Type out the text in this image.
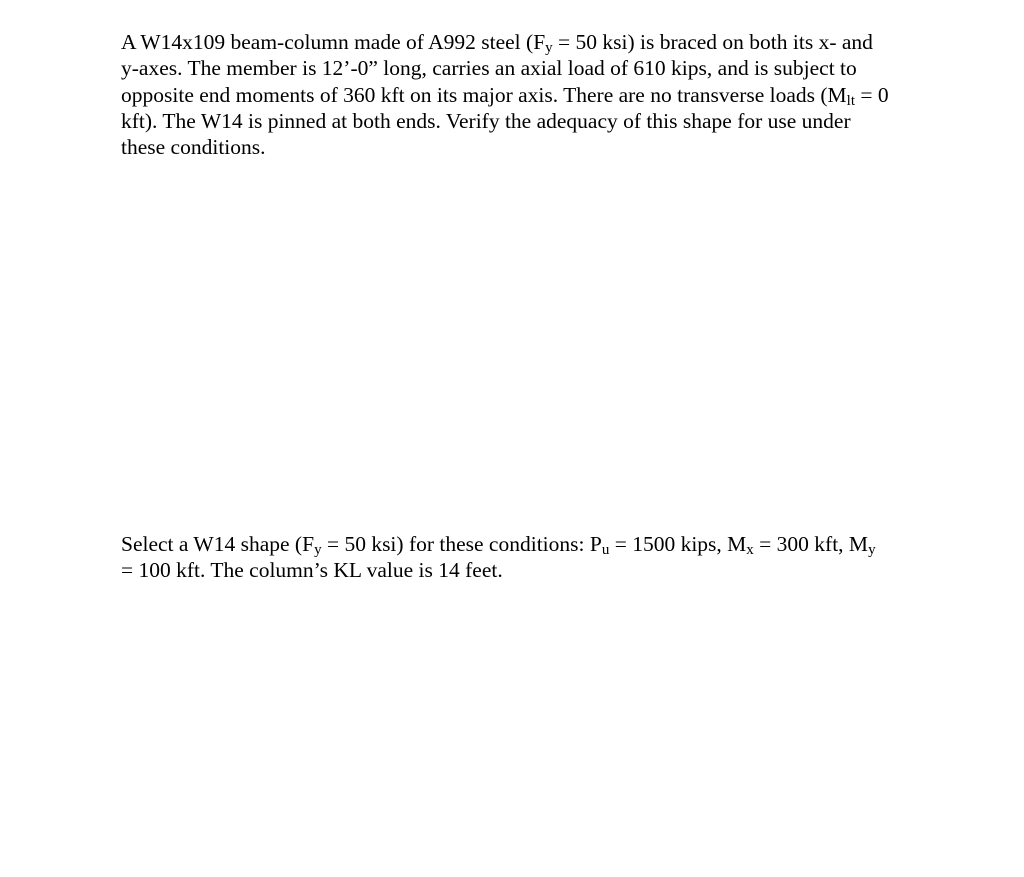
A W14x109 beam-column made of A992 steel ($F_y = 50$ ksi) is braced on both its x- and
y-axes. The member is 12’-0” long, carries an axial load of 610 kips, and is subject to
opposite end moments of 360 kft on its major axis. There are no transverse loads ($M_{lt} = 0$
kft). The W14 is pinned at both ends. Verify the adequacy of this shape for use under
these conditions.
Select a W14 shape ($F_y = 50$ ksi) for these conditions: $P_u = 1500$ kips, $M_x = 300$ kft, $M_y$
= 100 kft. The column’s KL value is 14 feet.
